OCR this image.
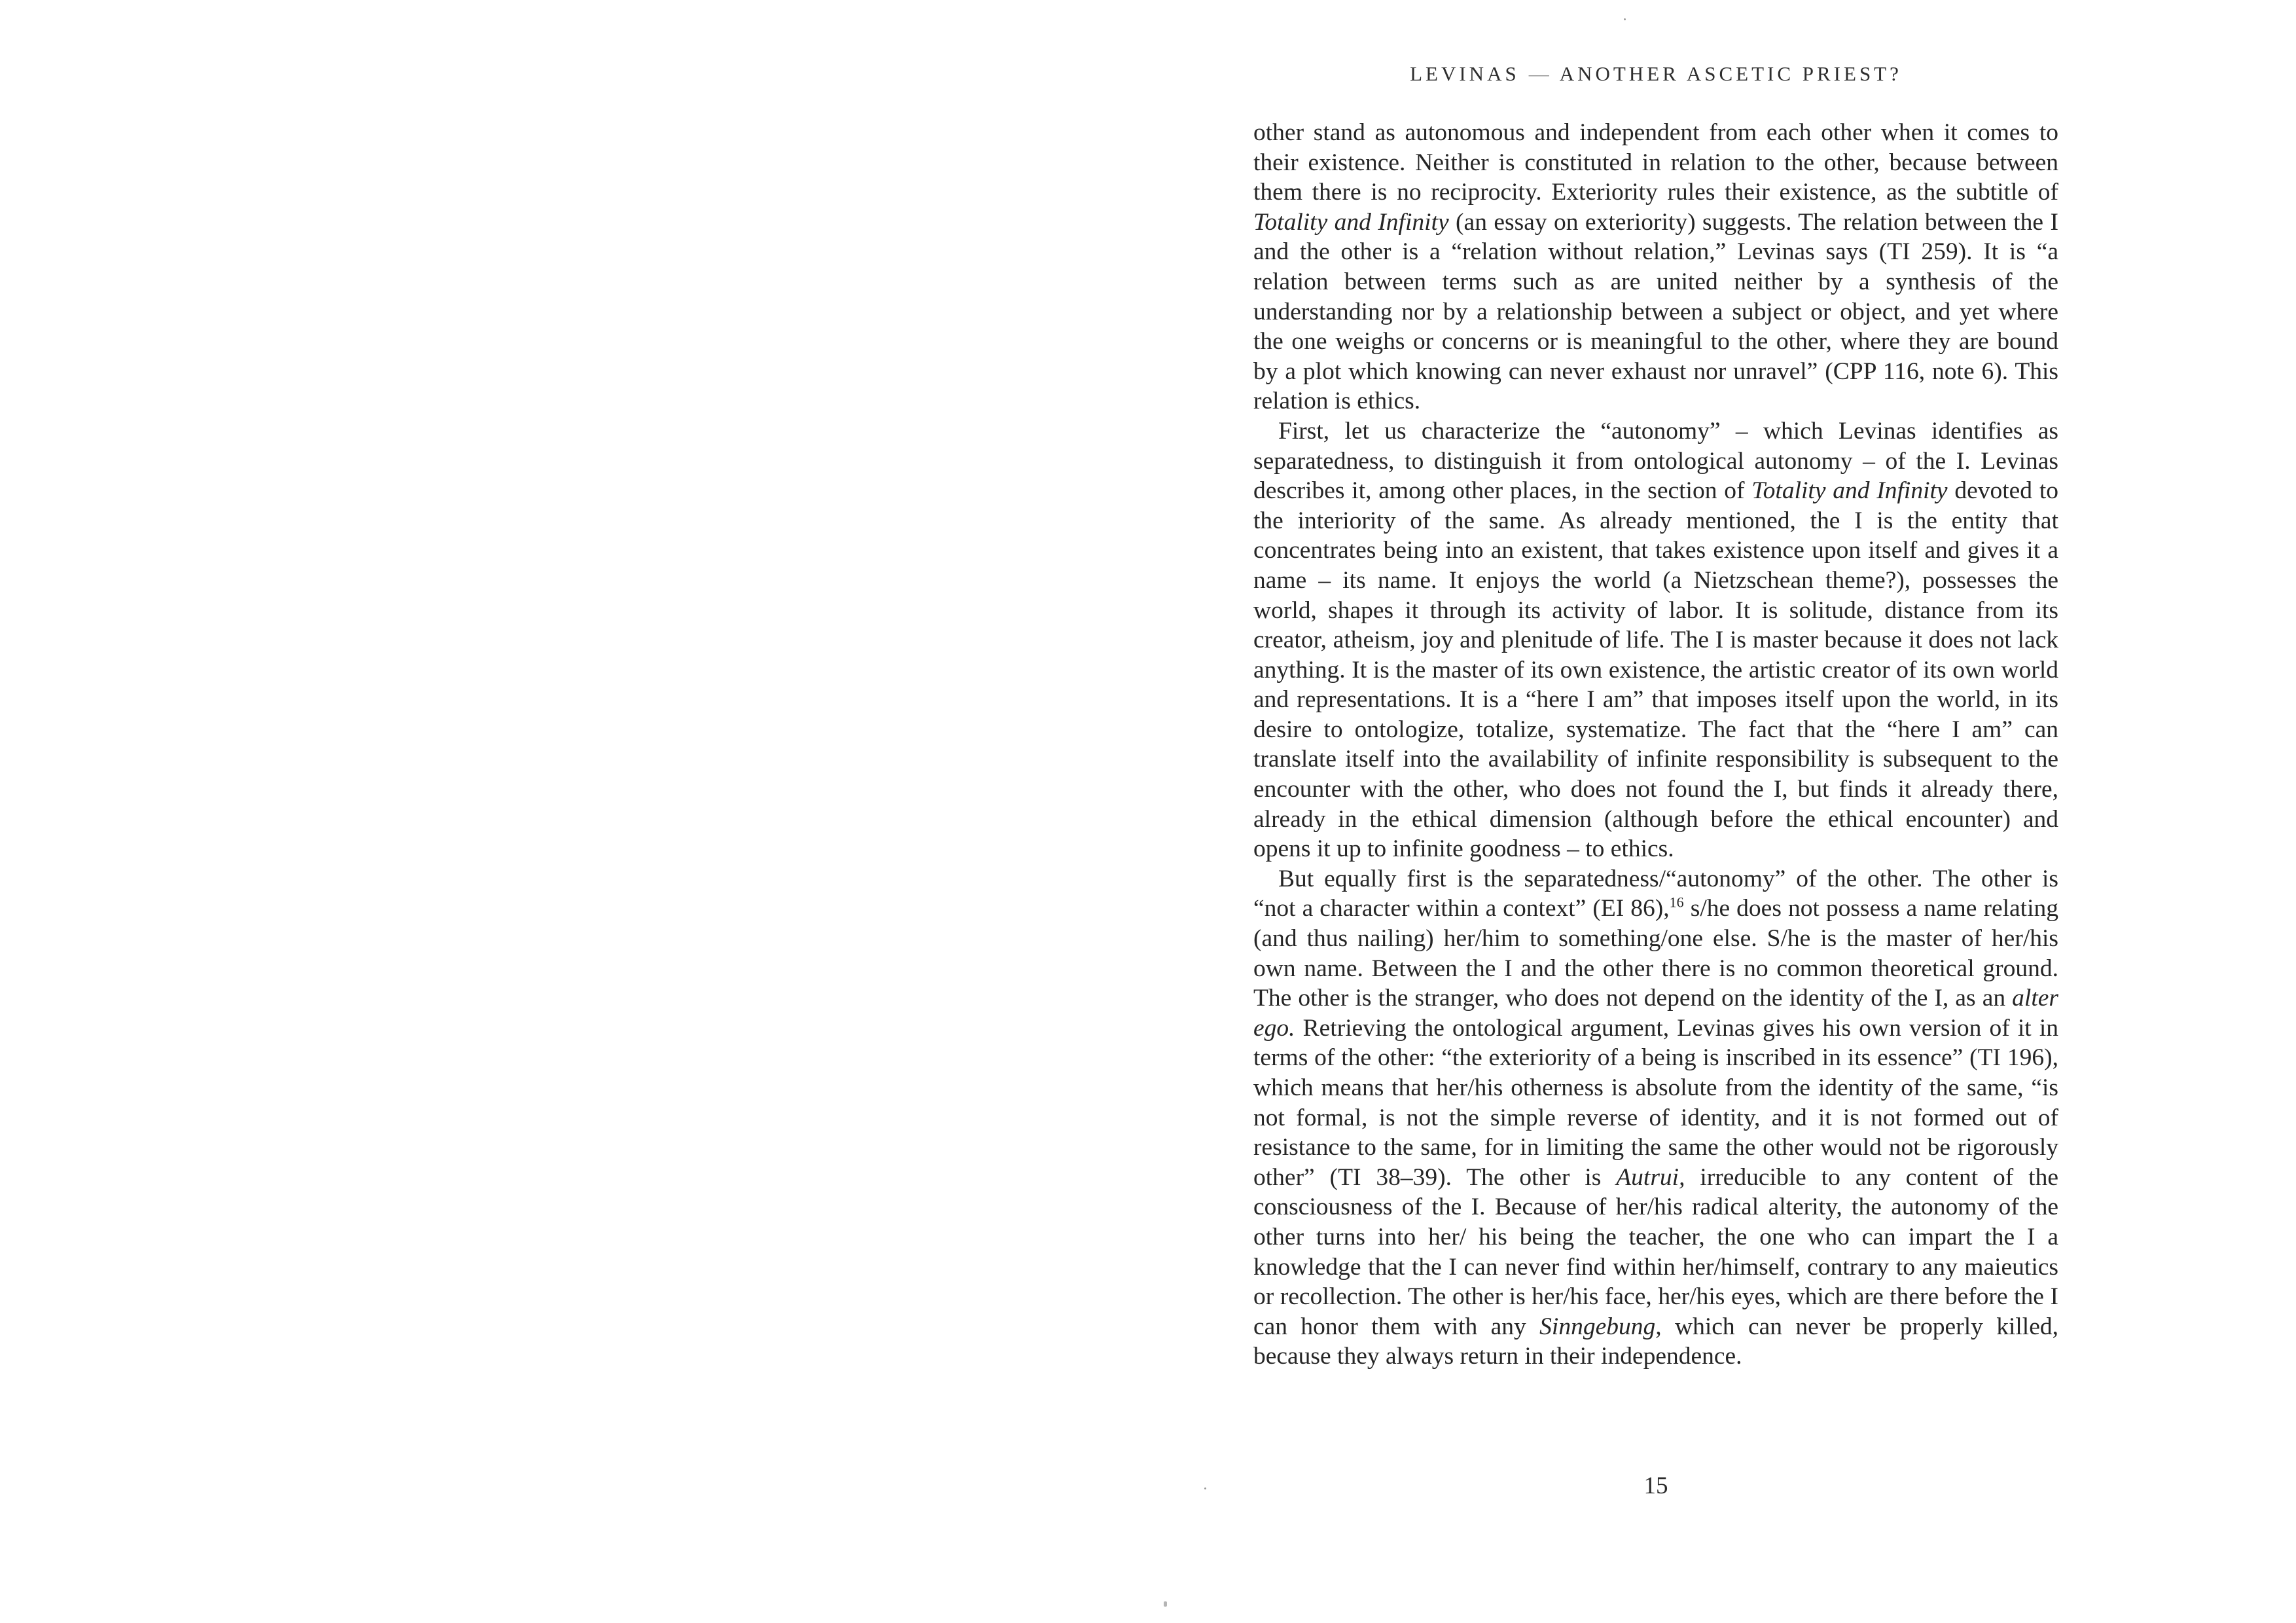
LEVINAS — ANOTHER ASCETIC PRIEST?

other stand as autonomous and independent from each other when it comes to their existence. Neither is constituted in relation to the other, because between them there is no reciprocity. Exteriority rules their existence, as the subtitle of Totality and Infinity (an essay on exteriority) suggests. The relation between the I and the other is a “relation without relation,” Levinas says (TI 259). It is “a relation between terms such as are united neither by a synthesis of the understanding nor by a relationship between a subject or object, and yet where the one weighs or concerns or is meaningful to the other, where they are bound by a plot which knowing can never exhaust nor unravel” (CPP 116, note 6). This relation is ethics.

First, let us characterize the “autonomy” – which Levinas identifies as separatedness, to distinguish it from ontological autonomy – of the I. Levinas describes it, among other places, in the section of Totality and Infinity devoted to the interiority of the same. As already mentioned, the I is the entity that concentrates being into an existent, that takes existence upon itself and gives it a name – its name. It enjoys the world (a Nietzschean theme?), possesses the world, shapes it through its activity of labor. It is solitude, distance from its creator, atheism, joy and plenitude of life. The I is master because it does not lack anything. It is the master of its own existence, the artistic creator of its own world and representations. It is a “here I am” that imposes itself upon the world, in its desire to ontologize, totalize, systematize. The fact that the “here I am” can translate itself into the availability of infinite responsibility is subsequent to the encounter with the other, who does not found the I, but finds it already there, already in the ethical dimension (although before the ethical encounter) and opens it up to infinite goodness – to ethics.

But equally first is the separatedness/“autonomy” of the other. The other is “not a character within a context” (EI 86),$^{16}$ s/he does not possess a name relating (and thus nailing) her/him to something/one else. S/he is the master of her/his own name. Between the I and the other there is no common theoretical ground. The other is the stranger, who does not depend on the identity of the I, as an alter ego. Retrieving the ontological argument, Levinas gives his own version of it in terms of the other: “the exteriority of a being is inscribed in its essence” (TI 196), which means that her/his otherness is absolute from the identity of the same, “is not formal, is not the simple reverse of identity, and it is not formed out of resistance to the same, for in limiting the same the other would not be rigorously other” (TI 38–39). The other is Autrui, irreducible to any content of the consciousness of the I. Because of her/his radical alterity, the autonomy of the other turns into her/ his being the teacher, the one who can impart the I a knowledge that the I can never find within her/himself, contrary to any maieutics or recollection. The other is her/his face, her/his eyes, which are there before the I can honor them with any Sinngebung, which can never be properly killed, because they always return in their independence.

15
